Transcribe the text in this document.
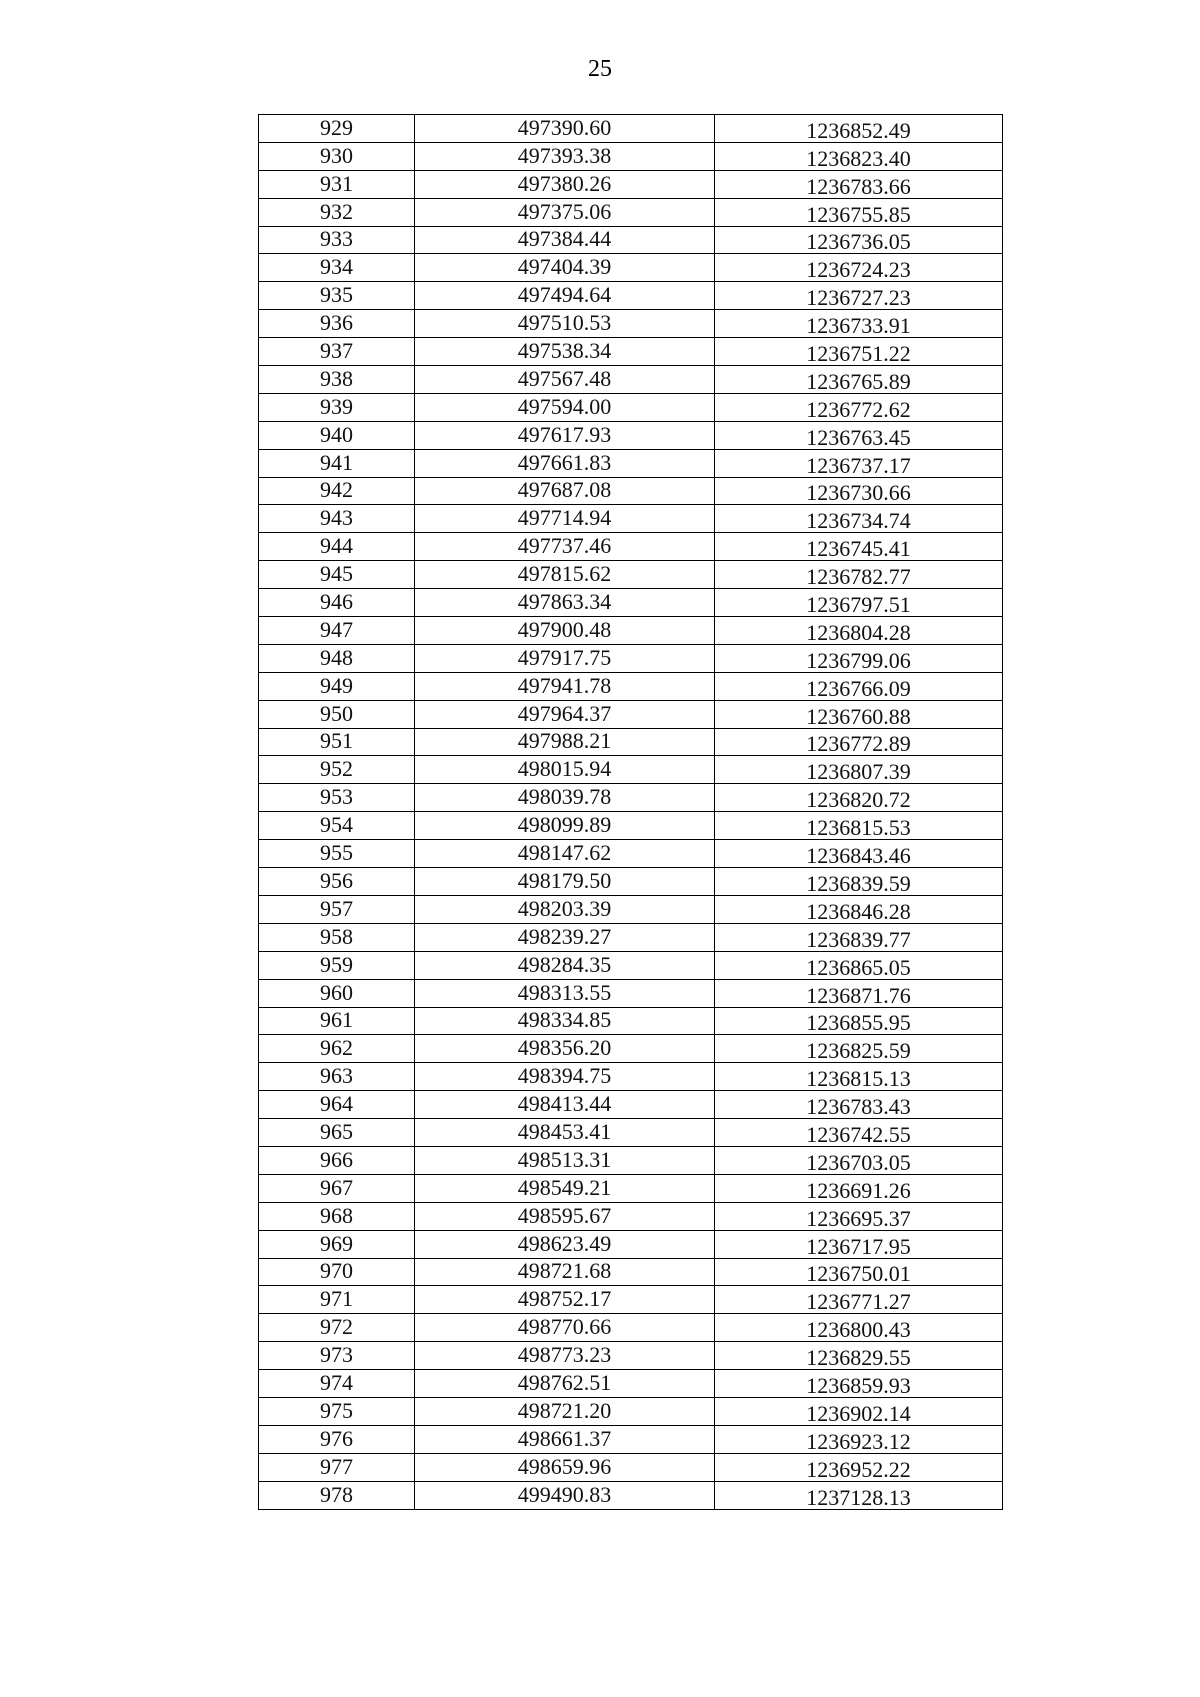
25
929	497390.60	1236852.49
930	497393.38	1236823.40
931	497380.26	1236783.66
932	497375.06	1236755.85
933	497384.44	1236736.05
934	497404.39	1236724.23
935	497494.64	1236727.23
936	497510.53	1236733.91
937	497538.34	1236751.22
938	497567.48	1236765.89
939	497594.00	1236772.62
940	497617.93	1236763.45
941	497661.83	1236737.17
942	497687.08	1236730.66
943	497714.94	1236734.74
944	497737.46	1236745.41
945	497815.62	1236782.77
946	497863.34	1236797.51
947	497900.48	1236804.28
948	497917.75	1236799.06
949	497941.78	1236766.09
950	497964.37	1236760.88
951	497988.21	1236772.89
952	498015.94	1236807.39
953	498039.78	1236820.72
954	498099.89	1236815.53
955	498147.62	1236843.46
956	498179.50	1236839.59
957	498203.39	1236846.28
958	498239.27	1236839.77
959	498284.35	1236865.05
960	498313.55	1236871.76
961	498334.85	1236855.95
962	498356.20	1236825.59
963	498394.75	1236815.13
964	498413.44	1236783.43
965	498453.41	1236742.55
966	498513.31	1236703.05
967	498549.21	1236691.26
968	498595.67	1236695.37
969	498623.49	1236717.95
970	498721.68	1236750.01
971	498752.17	1236771.27
972	498770.66	1236800.43
973	498773.23	1236829.55
974	498762.51	1236859.93
975	498721.20	1236902.14
976	498661.37	1236923.12
977	498659.96	1236952.22
978	499490.83	1237128.13
